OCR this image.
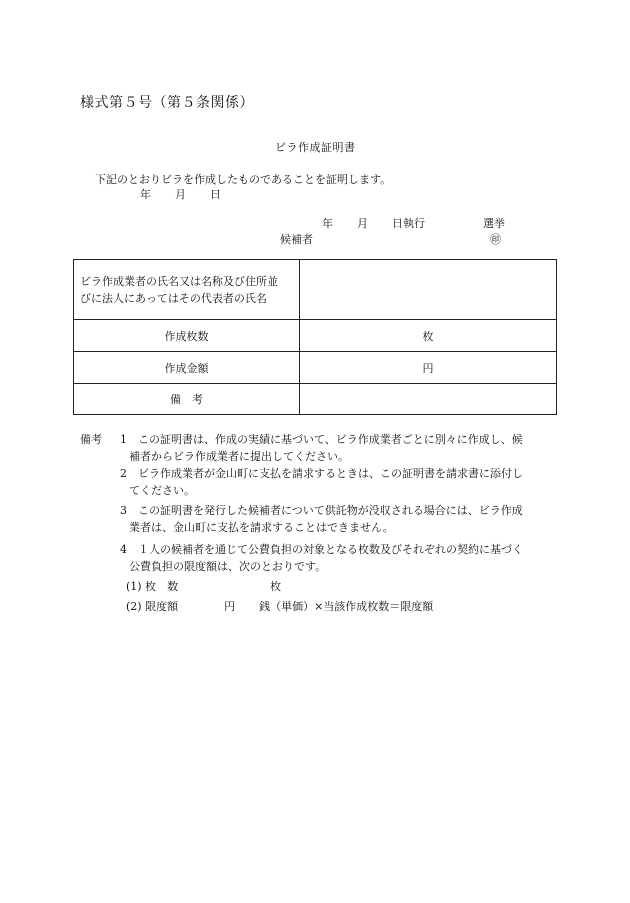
様式第５号（第５条関係）
ビラ作成証明書
下記のとおりビラを作成したものであることを証明します。
年 月 日
年 月 日執行	選挙
候補者	㊞
ビラ作成業者の氏名又は名称及び住所並
びに法人にあってはその代表者の氏名	

作成枚数	枚
作成金額	円
備　考	
備考 1　この証明書は、作成の実績に基づいて、ビラ作成業者ごとに別々に作成し、候
補者からビラ作成業者に提出してください。
2　ビラ作成業者が金山町に支払を請求するときは、この証明書を請求書に添付し
てください。
3　この証明書を発行した候補者について供託物が没収される場合には、ビラ作成
業者は、金山町に支払を請求することはできません。
4　１人の候補者を通じて公費負担の対象となる枚数及びそれぞれの契約に基づく
公費負担の限度額は、次のとおりです。
(1) 枚　数	枚
(2) 限度額	円 銭（単価）×当該作成枚数＝限度額
